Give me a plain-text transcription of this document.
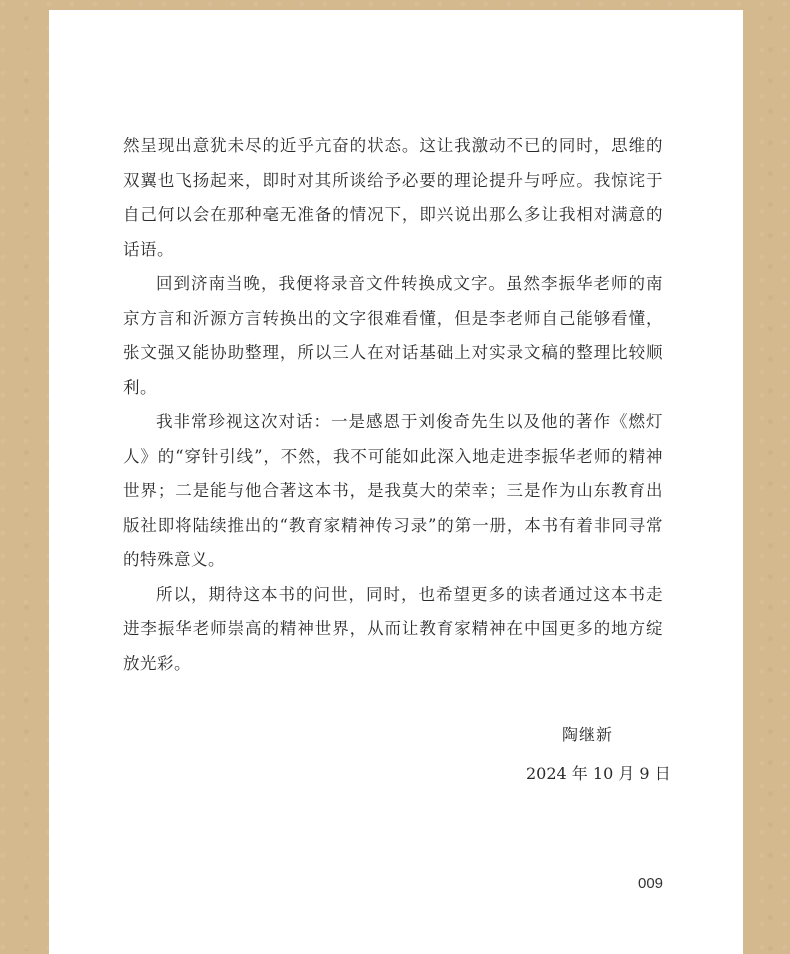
然呈现出意犹未尽的近乎亢奋的状态。这让我激动不已的同时，思维的双翼也飞扬起来，即时对其所谈给予必要的理论提升与呼应。我惊诧于自己何以会在那种毫无准备的情况下，即兴说出那么多让我相对满意的话语。

回到济南当晚，我便将录音文件转换成文字。虽然李振华老师的南京方言和沂源方言转换出的文字很难看懂，但是李老师自己能够看懂，张文强又能协助整理，所以三人在对话基础上对实录文稿的整理比较顺利。

我非常珍视这次对话：一是感恩于刘俊奇先生以及他的著作《燃灯人》的“穿针引线”，不然，我不可能如此深入地走进李振华老师的精神世界；二是能与他合著这本书，是我莫大的荣幸；三是作为山东教育出版社即将陆续推出的“教育家精神传习录”的第一册，本书有着非同寻常的特殊意义。

所以，期待这本书的问世，同时，也希望更多的读者通过这本书走进李振华老师崇高的精神世界，从而让教育家精神在中国更多的地方绽放光彩。

陶继新
2024 年 10 月 9 日
009
